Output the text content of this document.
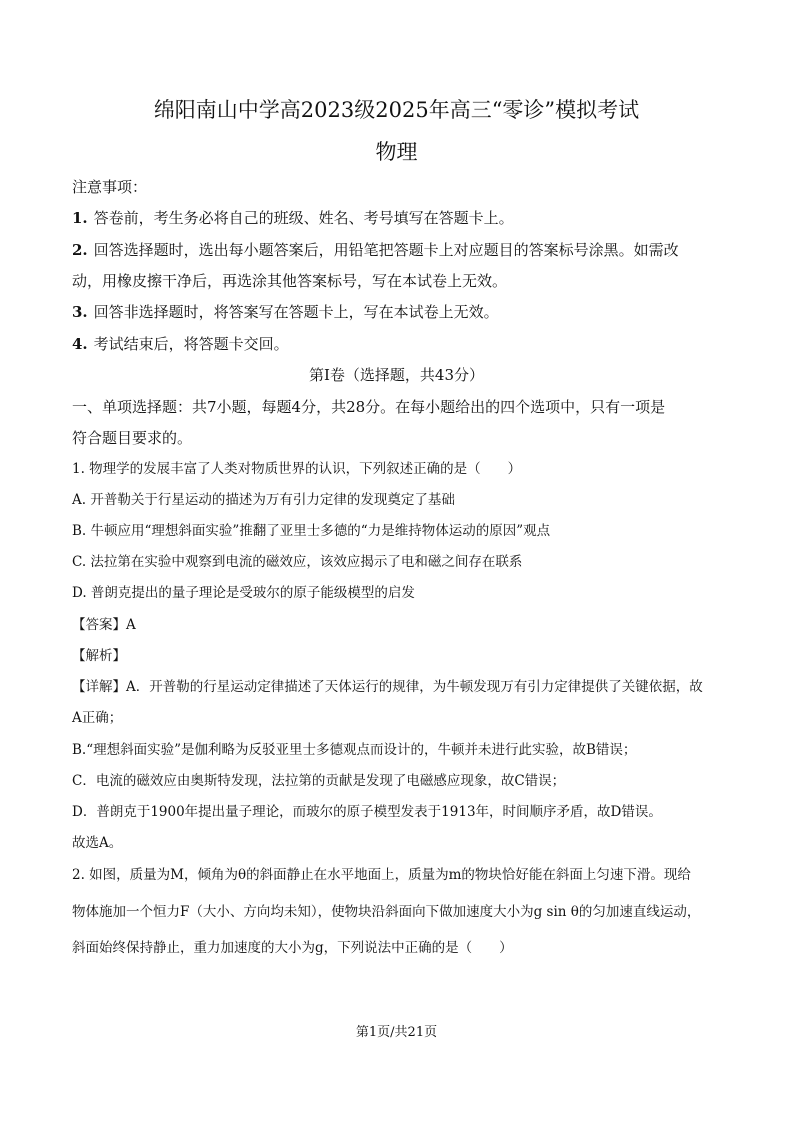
绵阳南山中学高2023级2025年高三“零诊”模拟考试
物理
注意事项：
1. 答卷前，考生务必将自己的班级、姓名、考号填写在答题卡上。
2. 回答选择题时，选出每小题答案后，用铅笔把答题卡上对应题目的答案标号涂黑。如需改
动，用橡皮擦干净后，再选涂其他答案标号，写在本试卷上无效。
3. 回答非选择题时，将答案写在答题卡上，写在本试卷上无效。
4. 考试结束后，将答题卡交回。
第I卷（选择题，共43分）
一、单项选择题：共7小题，每题4分，共28分。在每小题给出的四个选项中，只有一项是
符合题目要求的。
1. 物理学的发展丰富了人类对物质世界的认识，下列叙述正确的是（　　）
A. 开普勒关于行星运动的描述为万有引力定律的发现奠定了基础
B. 牛顿应用“理想斜面实验”推翻了亚里士多德的“力是维持物体运动的原因”观点
C. 法拉第在实验中观察到电流的磁效应，该效应揭示了电和磁之间存在联系
D. 普朗克提出的量子理论是受玻尔的原子能级模型的启发
【答案】A
【解析】
【详解】A．开普勒的行星运动定律描述了天体运行的规律，为牛顿发现万有引力定律提供了关键依据，故
A正确；
B.“理想斜面实验”是伽利略为反驳亚里士多德观点而设计的，牛顿并未进行此实验，故B错误；
C．电流的磁效应由奥斯特发现，法拉第的贡献是发现了电磁感应现象，故C错误；
D．普朗克于1900年提出量子理论，而玻尔的原子模型发表于1913年，时间顺序矛盾，故D错误。
故选A。
2. 如图，质量为M，倾角为θ的斜面静止在水平地面上，质量为m的物块恰好能在斜面上匀速下滑。现给
物体施加一个恒力F（大小、方向均未知），使物块沿斜面向下做加速度大小为g sin θ的匀加速直线运动，
斜面始终保持静止，重力加速度的大小为g，下列说法中正确的是（　　）
第1页/共21页
